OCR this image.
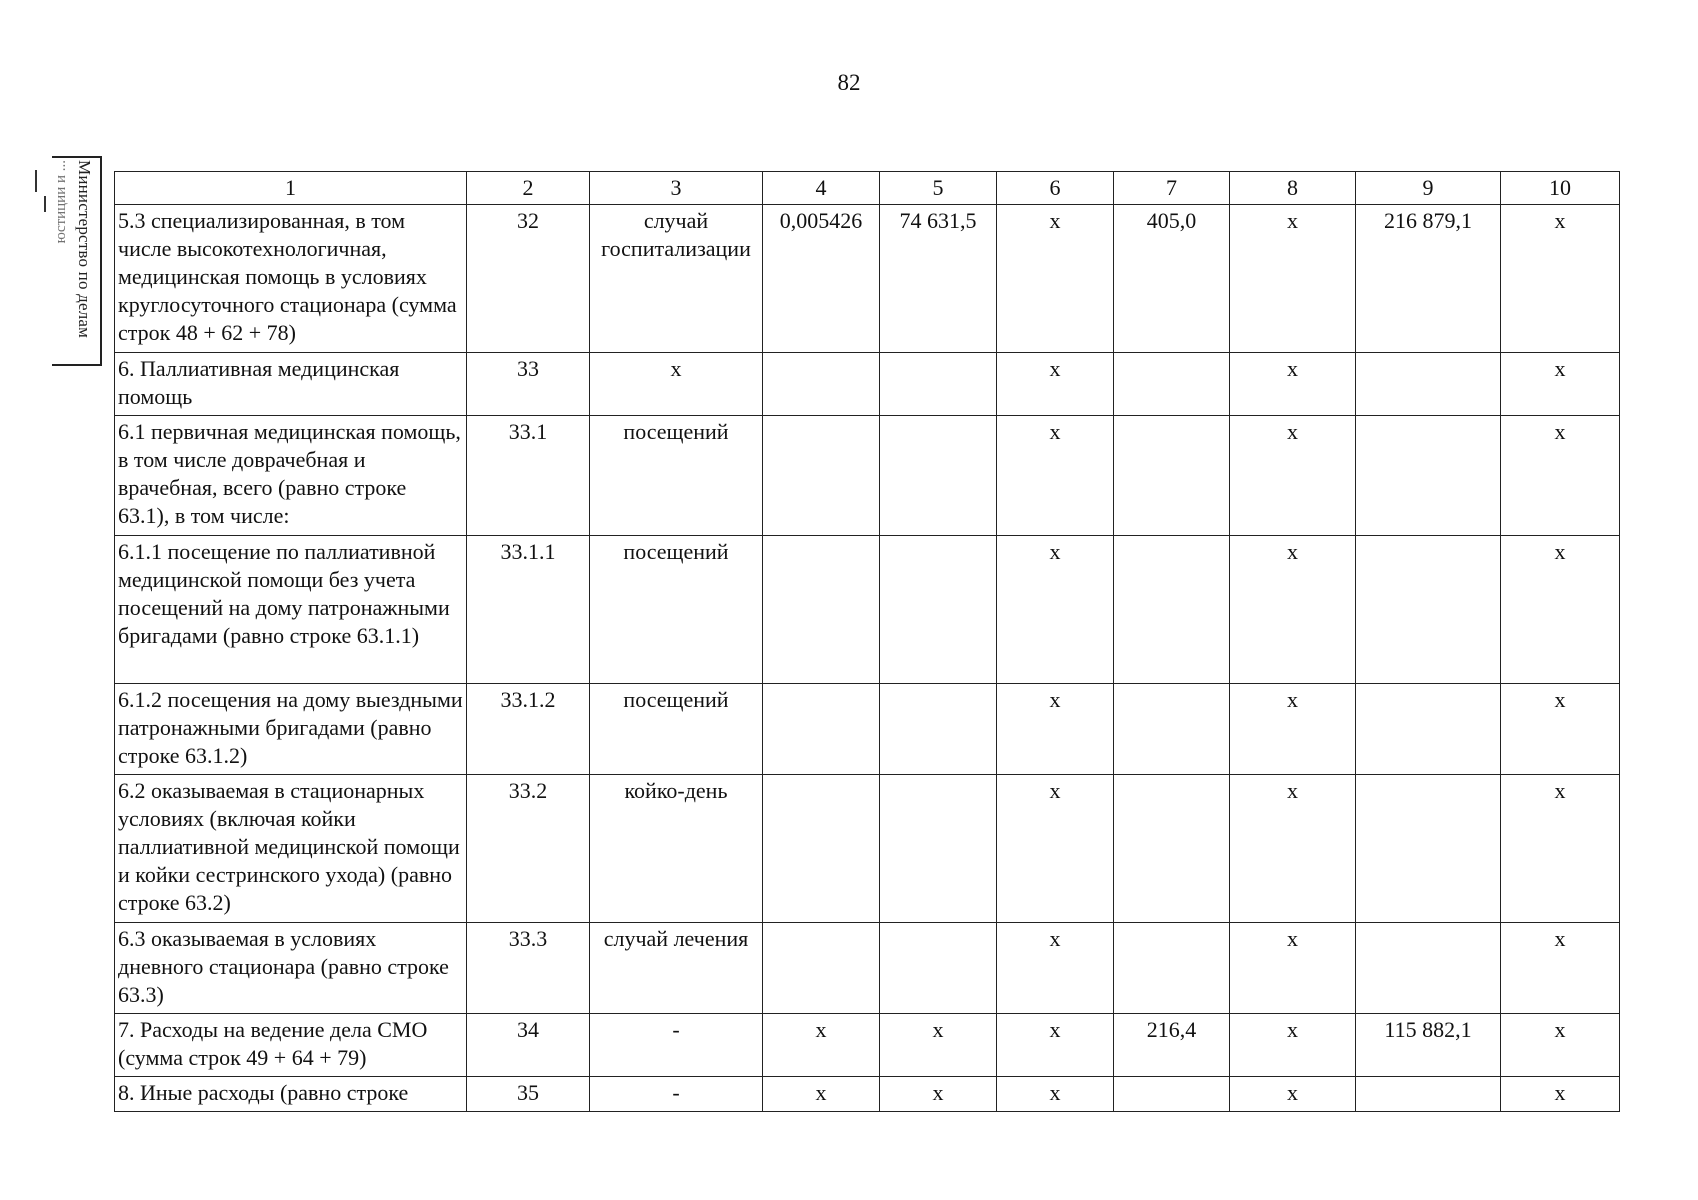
82
Министерство по делам
юстиции и ...	1	2	3	4	5	6	7	8	9	10
5.3 специализированная, в том числе высокотехнологичная, медицинская помощь в условиях круглосуточного стационара (сумма строк 48 + 62 + 78)	32	случай госпитализации	0,005426	74 631,5	х	405,0	х	216 879,1	х
6. Паллиативная медицинская помощь	33	х			х		х		х
6.1 первичная медицинская помощь, в том числе доврачебная и врачебная, всего (равно строке 63.1), в том числе:	33.1	посещений			х		х		х
6.1.1 посещение по паллиативной медицинской помощи без учета посещений на дому патронажными бригадами (равно строке 63.1.1)	33.1.1	посещений			х		х		х
6.1.2 посещения на дому выездными патронажными бригадами (равно строке 63.1.2)	33.1.2	посещений			х		х		х
6.2 оказываемая в стационарных условиях (включая койки паллиативной медицинской помощи и койки сестринского ухода) (равно строке 63.2)	33.2	койко-день			х		х		х
6.3 оказываемая в условиях дневного стационара (равно строке 63.3)	33.3	случай лечения			х		х		х
7. Расходы на ведение дела СМО (сумма строк 49 + 64 + 79)	34	-	х	х	х	216,4	х	115 882,1	х
8. Иные расходы (равно строке	35	-	х	х	х		х		х
